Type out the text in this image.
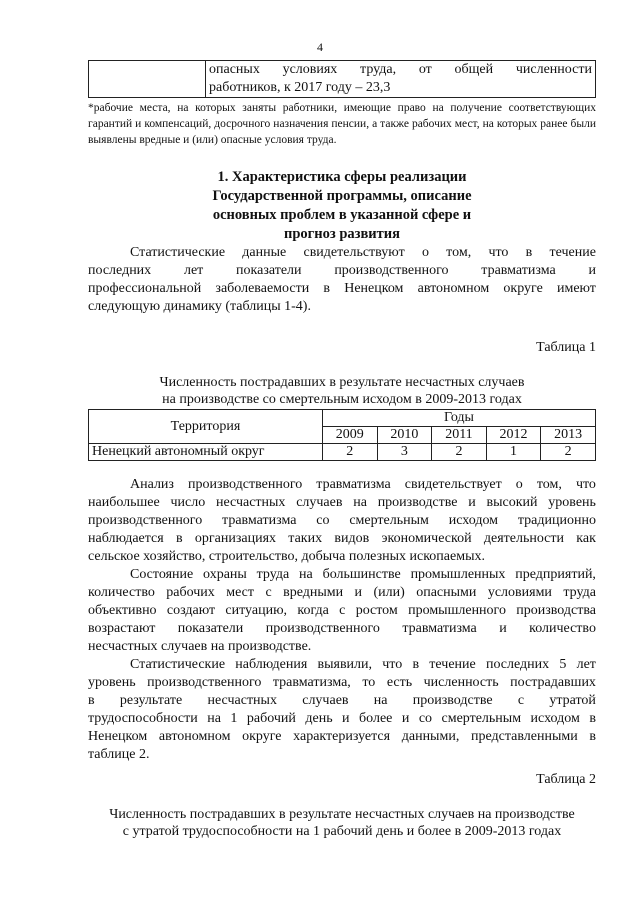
4

опасных условиях труда, от общей численности
работников, к 2017 году – 23,3
*рабочие места, на которых заняты работники, имеющие право на получение соответствующих гарантий и компенсаций, досрочного назначения пенсии, а также рабочих мест, на которых ранее были выявлены вредные и (или) опасные условия труда.
1. Характеристика сферы реализации
Государственной программы, описание
основных проблем в указанной сфере и
прогноз развития
Статистические данные свидетельствуют о том, что в течение
последних лет показатели производственного травматизма и
профессиональной заболеваемости в Ненецком автономном округе имеют
следующую динамику (таблицы 1-4).
Таблица 1
Численность пострадавших в результате несчастных случаев
на производстве со смертельным исходом в 2009-2013 годах
Территория	Годы				
	2009	2010	2011	2012	2013
Ненецкий автономный округ	2	3	2	1	2
Анализ производственного травматизма свидетельствует о том, что
наибольшее число несчастных случаев на производстве и высокий уровень
производственного травматизма со смертельным исходом традиционно
наблюдается в организациях таких видов экономической деятельности как
сельское хозяйство, строительство, добыча полезных ископаемых.
Состояние охраны труда на большинстве промышленных предприятий,
количество рабочих мест с вредными и (или) опасными условиями труда
объективно создают ситуацию, когда с ростом промышленного производства
возрастают показатели производственного травматизма и количество
несчастных случаев на производстве.
Статистические наблюдения выявили, что в течение последних 5 лет
уровень производственного травматизма, то есть численность пострадавших
в результате несчастных случаев на производстве с утратой
трудоспособности на 1 рабочий день и более и со смертельным исходом в
Ненецком автономном округе характеризуется данными, представленными в
таблице 2.
Таблица 2
Численность пострадавших в результате несчастных случаев на производстве
с утратой трудоспособности на 1 рабочий день и более в 2009-2013 годах
